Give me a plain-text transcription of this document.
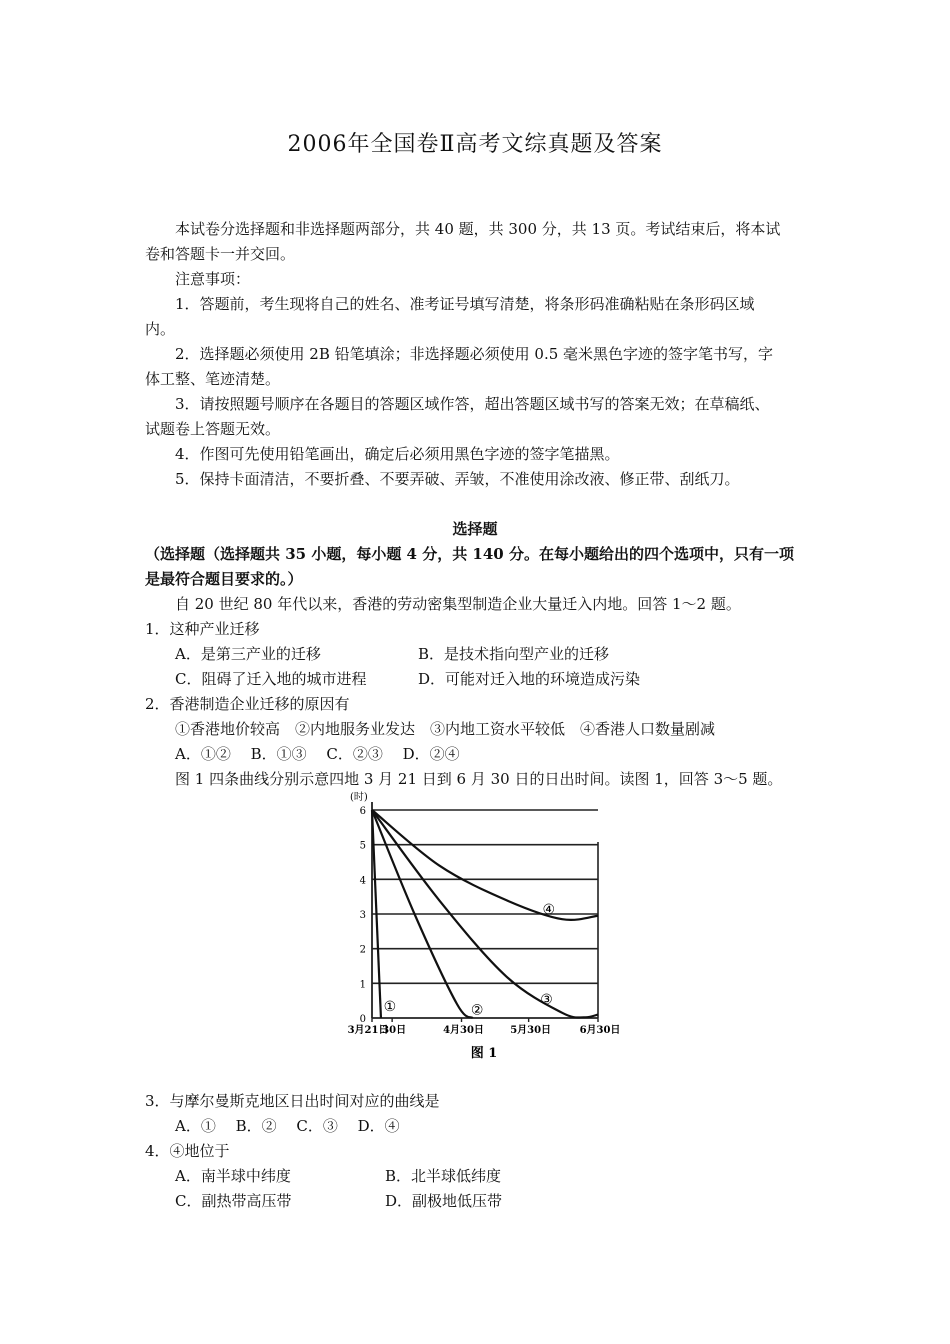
2006年全国卷Ⅱ高考文综真题及答案
本试卷分选择题和非选择题两部分，共 40 题，共 300 分，共 13 页。考试结束后，将本试
卷和答题卡一并交回。
注意事项：
1．答题前，考生现将自己的姓名、准考证号填写清楚，将条形码准确粘贴在条形码区域
内。
2．选择题必须使用 2B 铅笔填涂；非选择题必须使用 0.5 毫米黑色字迹的签字笔书写，字
体工整、笔迹清楚。
3．请按照题号顺序在各题目的答题区域作答，超出答题区域书写的答案无效；在草稿纸、
试题卷上答题无效。
4．作图可先使用铅笔画出，确定后必须用黑色字迹的签字笔描黑。
5．保持卡面清洁，不要折叠、不要弄破、弄皱，不准使用涂改液、修正带、刮纸刀。
选择题
（选择题（选择题共 35 小题，每小题 4 分，共 140 分。在每小题给出的四个选项中，只有一项
是最符合题目要求的。）
自 20 世纪 80 年代以来，香港的劳动密集型制造企业大量迁入内地。回答 1～2 题。
1．这种产业迁移
A．是第三产业的迁移	B．是技术指向型产业的迁移
C．阻碍了迁入地的城市进程	D．可能对迁入地的环境造成污染
2．香港制造企业迁移的原因有
①香港地价较高　②内地服务业发达　③内地工资水平较低　④香港人口数量剧减
A．①②　 B．①③　 C．②③　 D．②④
图 1 四条曲线分别示意四地 3 月 21 日到 6 月 30 日的日出时间。读图 1，回答 3～5 题。
0
1
2
3
4
5
6
3月21日
30日	4月30日	5月30日	6月30日
①	②
③
④
(时)
图 1
3．与摩尔曼斯克地区日出时间对应的曲线是
A．①　 B．②　 C．③　 D．④
4．④地位于
A．南半球中纬度	B．北半球低纬度
C．副热带高压带	D．副极地低压带
